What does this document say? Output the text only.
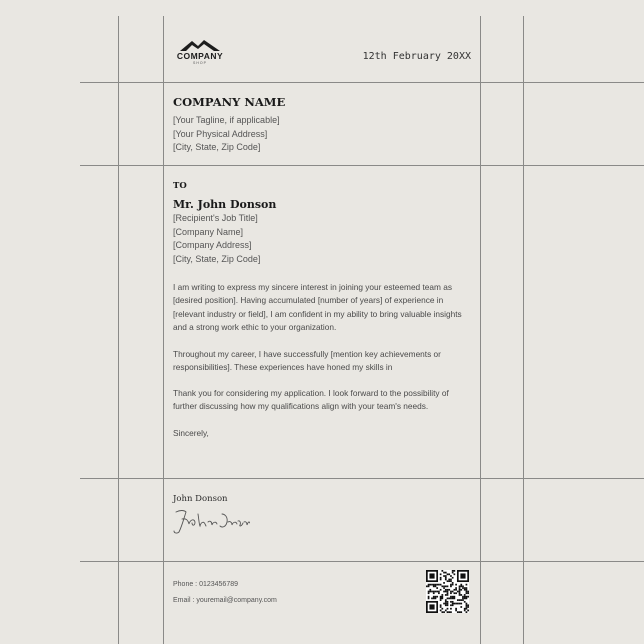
COMPANY
SHOP
12th February 20XX
COMPANY NAME
[Your Tagline, if applicable]
[Your Physical Address]
[City, State, Zip Code]
TO
Mr. John Donson
[Recipient's Job Title]
[Company Name]
[Company Address]
[City, State, Zip Code]
I am writing to express my sincere interest in joining your esteemed team as [desired position]. Having accumulated [number of years] of experience in [relevant industry or field], I am confident in my ability to bring valuable insights and a strong work ethic to your organization.
Throughout my career, I have successfully [mention key achievements or responsibilities]. These experiences have honed my skills in
Thank you for considering my application. I look forward to the possibility of further discussing how my qualifications align with your team's needs.
Sincerely,
John Donson
Phone : 0123456789
Email : youremail@company.com
